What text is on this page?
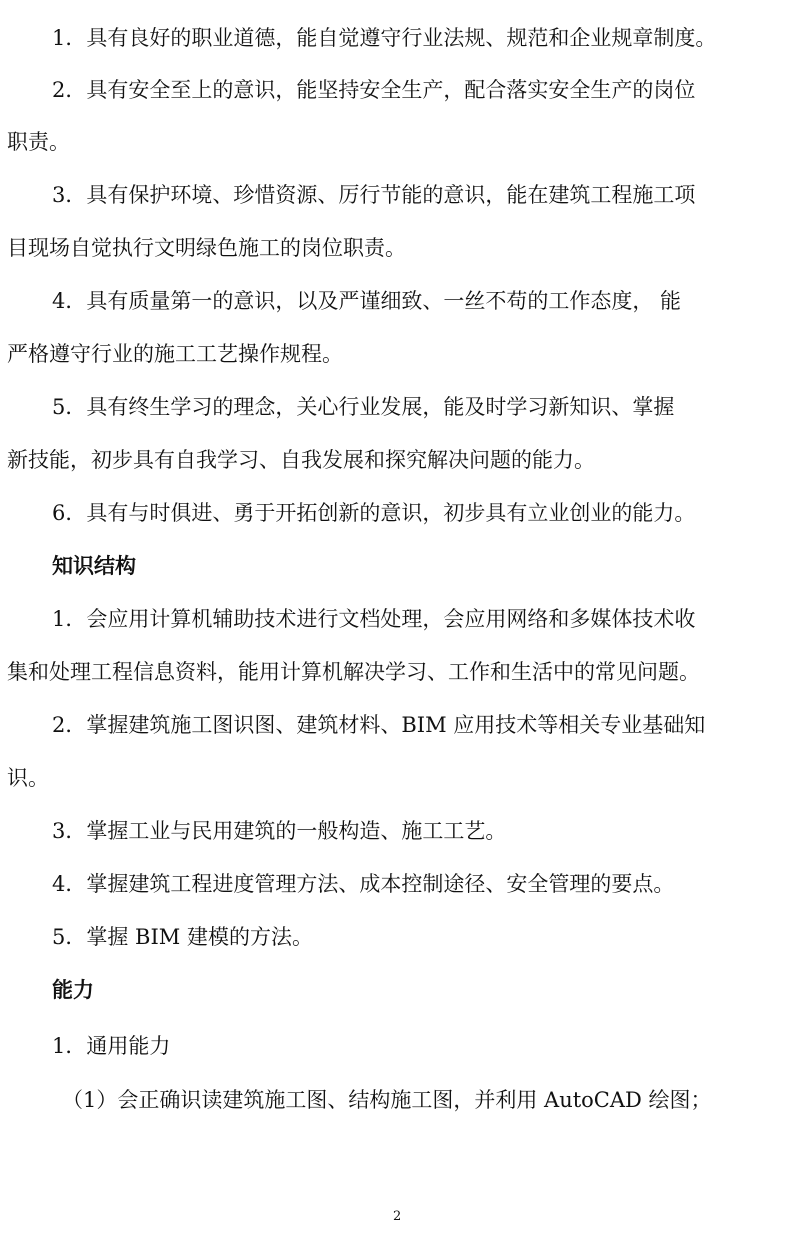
1．具有良好的职业道德，能自觉遵守行业法规、规范和企业规章制度。
2．具有安全至上的意识，能坚持安全生产，配合落实安全生产的岗位
职责。
3．具有保护环境、珍惜资源、厉行节能的意识，能在建筑工程施工项
目现场自觉执行文明绿色施工的岗位职责。
4．具有质量第一的意识，以及严谨细致、一丝不苟的工作态度， 能
严格遵守行业的施工工艺操作规程。
5．具有终生学习的理念，关心行业发展，能及时学习新知识、掌握
新技能，初步具有自我学习、自我发展和探究解决问题的能力。
6．具有与时俱进、勇于开拓创新的意识，初步具有立业创业的能力。
知识结构
1．会应用计算机辅助技术进行文档处理，会应用网络和多媒体技术收
集和处理工程信息资料，能用计算机解决学习、工作和生活中的常见问题。
2．掌握建筑施工图识图、建筑材料、BIM 应用技术等相关专业基础知
识。
3．掌握工业与民用建筑的一般构造、施工工艺。
4．掌握建筑工程进度管理方法、成本控制途径、安全管理的要点。
5．掌握 BIM 建模的方法。
能力
1．通用能力
（1）会正确识读建筑施工图、结构施工图，并利用 AutoCAD 绘图；
2
